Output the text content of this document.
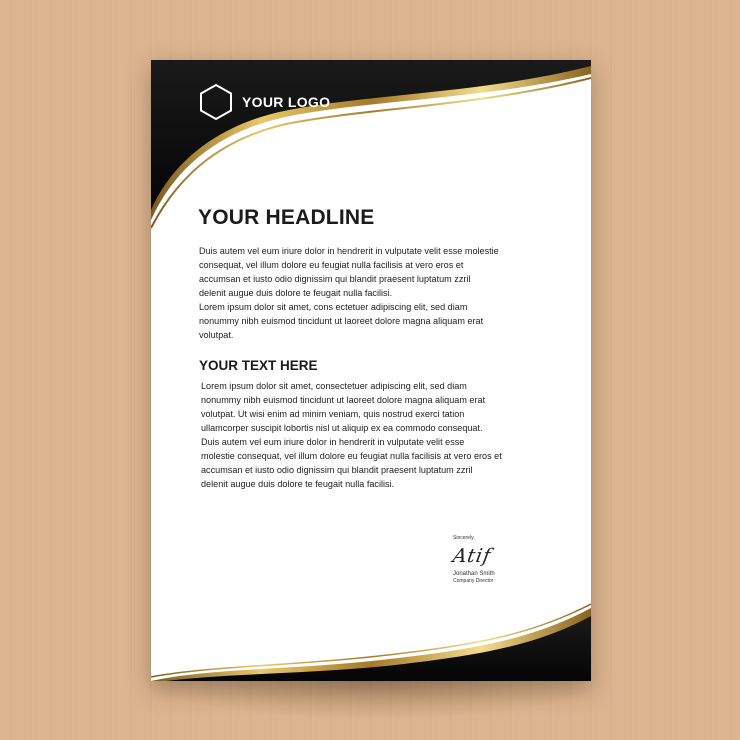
YOUR LOGO
YOUR HEADLINE

Duis autem vel eum iriure dolor in hendrerit in vulputate velit esse molestie

consequat, vel illum dolore eu feugiat nulla facilisis at vero eros et

accumsan et iusto odio dignissim qui blandit praesent luptatum zzril

delenit augue duis dolore te feugait nulla facilisi.

Lorem ipsum dolor sit amet, cons ectetuer adipiscing elit, sed diam

nonummy nibh euismod tincidunt ut laoreet dolore magna aliquam erat

volutpat.

YOUR TEXT HERE

Lorem ipsum dolor sit amet, consectetuer adipiscing elit, sed diam

nonummy nibh euismod tincidunt ut laoreet dolore magna aliquam erat

volutpat. Ut wisi enim ad minim veniam, quis nostrud exerci tation

ullamcorper suscipit lobortis nisl ut aliquip ex ea commodo consequat.

Duis autem vel eum iriure dolor in hendrerit in vulputate velit esse

molestie consequat, vel illum dolore eu feugiat nulla facilisis at vero eros et

accumsan et iusto odio dignissim qui blandit praesent luptatum zzril

delenit augue duis dolore te feugait nulla facilisi.

Sincerely,
Atif
Jonathan Smith
Company Director
